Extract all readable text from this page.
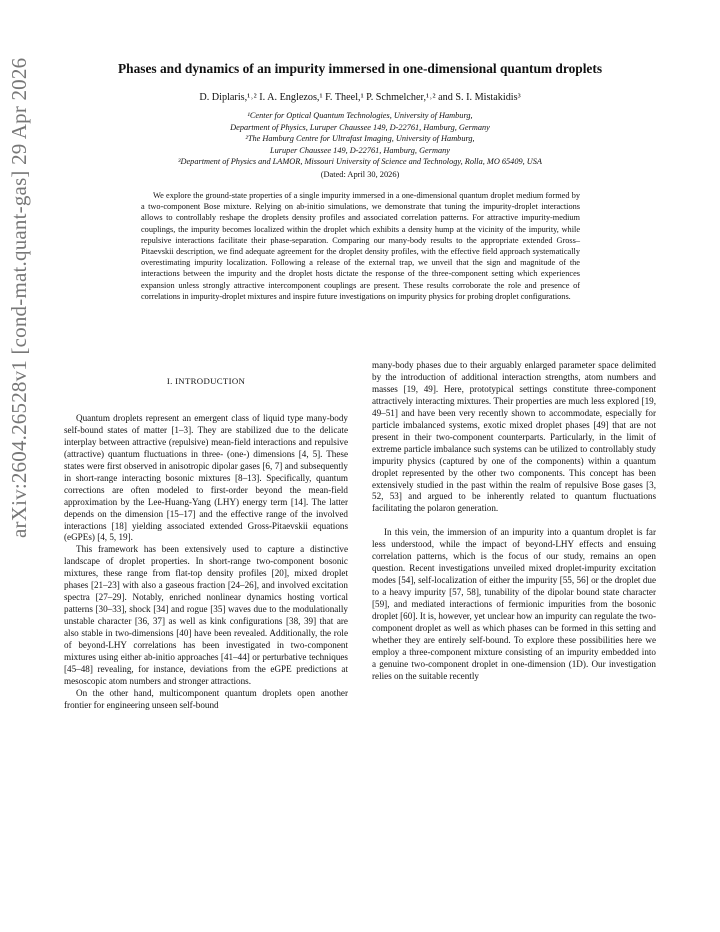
arXiv:2604.26528v1 [cond-mat.quant-gas] 29 Apr 2026	Phases and dynamics of an impurity immersed in one-dimensional quantum droplets
D. Diplaris,¹˒² I. A. Englezos,¹ F. Theel,¹ P. Schmelcher,¹˒² and S. I. Mistakidis³
¹Center for Optical Quantum Technologies, University of Hamburg,
Department of Physics, Luruper Chaussee 149, D-22761, Hamburg, Germany
²The Hamburg Centre for Ultrafast Imaging, University of Hamburg,
Luruper Chaussee 149, D-22761, Hamburg, Germany
³Department of Physics and LAMOR, Missouri University of Science and Technology, Rolla, MO 65409, USA
(Dated: April 30, 2026)
We explore the ground-state properties of a single impurity immersed in a one-dimensional quantum droplet medium formed by a two-component Bose mixture. Relying on ab-initio simulations, we demonstrate that tuning the impurity-droplet interactions allows to controllably reshape the droplets density profiles and associated correlation patterns. For attractive impurity-medium couplings, the impurity becomes localized within the droplet which exhibits a density hump at the vicinity of the impurity, while repulsive interactions facilitate their phase-separation. Comparing our many-body results to the appropriate extended Gross–Pitaevskii description, we find adequate agreement for the droplet density profiles, with the effective field approach systematically overestimating impurity localization. Following a release of the external trap, we unveil that the sign and magnitude of the interactions between the impurity and the droplet hosts dictate the response of the three-component setting which experiences expansion unless strongly attractive intercomponent couplings are present. These results corroborate the role and presence of correlations in impurity-droplet mixtures and inspire future investigations on impurity physics for probing droplet configurations.
I. INTRODUCTION

Quantum droplets represent an emergent class of liquid type many-body self-bound states of matter [1–3]. They are stabilized due to the delicate interplay between attractive (repulsive) mean-field interactions and repulsive (attractive) quantum fluctuations in three- (one-) dimensions [4, 5]. These states were first observed in anisotropic dipolar gases [6, 7] and subsequently in short-range interacting bosonic mixtures [8–13]. Specifically, quantum corrections are often modeled to first-order beyond the mean-field approximation by the Lee-Huang-Yang (LHY) energy term [14]. The latter depends on the dimension [15–17] and the effective range of the involved interactions [18] yielding associated extended Gross-Pitaevskii equations (eGPEs) [4, 5, 19].

This framework has been extensively used to capture a distinctive landscape of droplet properties. In short-range two-component bosonic mixtures, these range from flat-top density profiles [20], mixed droplet phases [21–23] with also a gaseous fraction [24–26], and involved excitation spectra [27–29]. Notably, enriched nonlinear dynamics hosting vortical patterns [30–33], shock [34] and rogue [35] waves due to the modulationally unstable character [36, 37] as well as kink configurations [38, 39] that are also stable in two-dimensions [40] have been revealed. Additionally, the role of beyond-LHY correlations has been investigated in two-component mixtures using either ab-initio approaches [41–44] or perturbative techniques [45–48] revealing, for instance, deviations from the eGPE predictions at mesoscopic atom numbers and stronger attractions.

On the other hand, multicomponent quantum droplets open another frontier for engineering unseen self-bound

many-body phases due to their arguably enlarged parameter space delimited by the introduction of additional interaction strengths, atom numbers and masses [19, 49]. Here, prototypical settings constitute three-component attractively interacting mixtures. Their properties are much less explored [19, 49–51] and have been very recently shown to accommodate, especially for particle imbalanced systems, exotic mixed droplet phases [49] that are not present in their two-component counterparts. Particularly, in the limit of extreme particle imbalance such systems can be utilized to controllably study impurity physics (captured by one of the components) within a quantum droplet represented by the other two components. This concept has been extensively studied in the past within the realm of repulsive Bose gases [3, 52, 53] and argued to be inherently related to quantum fluctuations facilitating the polaron generation.

In this vein, the immersion of an impurity into a quantum droplet is far less understood, while the impact of beyond-LHY effects and ensuing correlation patterns, which is the focus of our study, remains an open question. Recent investigations unveiled mixed droplet-impurity excitation modes [54], self-localization of either the impurity [55, 56] or the droplet due to a heavy impurity [57, 58], tunability of the dipolar bound state character [59], and mediated interactions of fermionic impurities from the bosonic droplet [60]. It is, however, yet unclear how an impurity can regulate the two-component droplet as well as which phases can be formed in this setting and whether they are entirely self-bound. To explore these possibilities here we employ a three-component mixture consisting of an impurity embedded into a genuine two-component droplet in one-dimension (1D). Our investigation relies on the suitable recently
